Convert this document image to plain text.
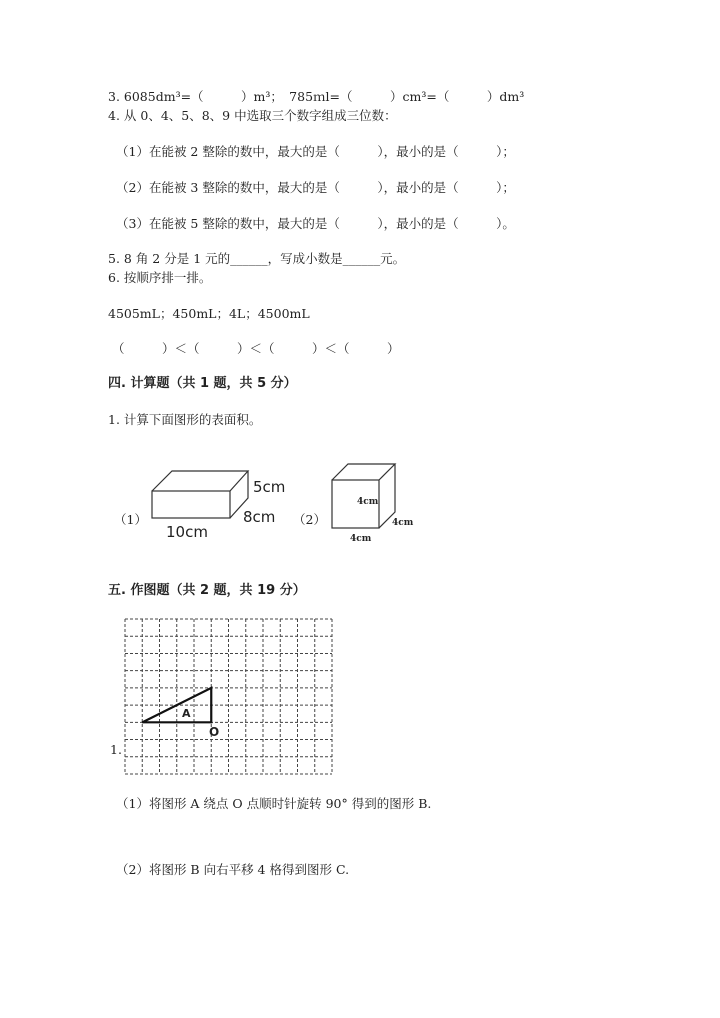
3. 6085dm³=（　　　）m³；　785ｍl=（　　　）cm³=（　　　）dm³
4. 从 0、4、5、8、9 中选取三个数字组成三位数：
（1）在能被 2 整除的数中，最大的是（　　　），最小的是（　　　）；
（2）在能被 3 整除的数中，最大的是（　　　），最小的是（　　　）；
（3）在能被 5 整除的数中，最大的是（　　　），最小的是（　　　）。
5. 8 角 2 分是 1 元的______，写成小数是______元。
6. 按顺序排一排。
4505mL；450mL；4L；4500mL
（　　　）＜（　　　）＜（　　　）＜（　　　）
四. 计算题（共 1 题，共 5 分）
1. 计算下面图形的表面积。
（1）
5cm
8cm
10cm
（2）
4cm
4cm
4cm
五. 作图题（共 2 题，共 19 分）
1.
A
O
（1）将图形 A 绕点 O 点顺时针旋转 90° 得到的图形 B.
（2）将图形 B 向右平移 4 格得到图形 C.
